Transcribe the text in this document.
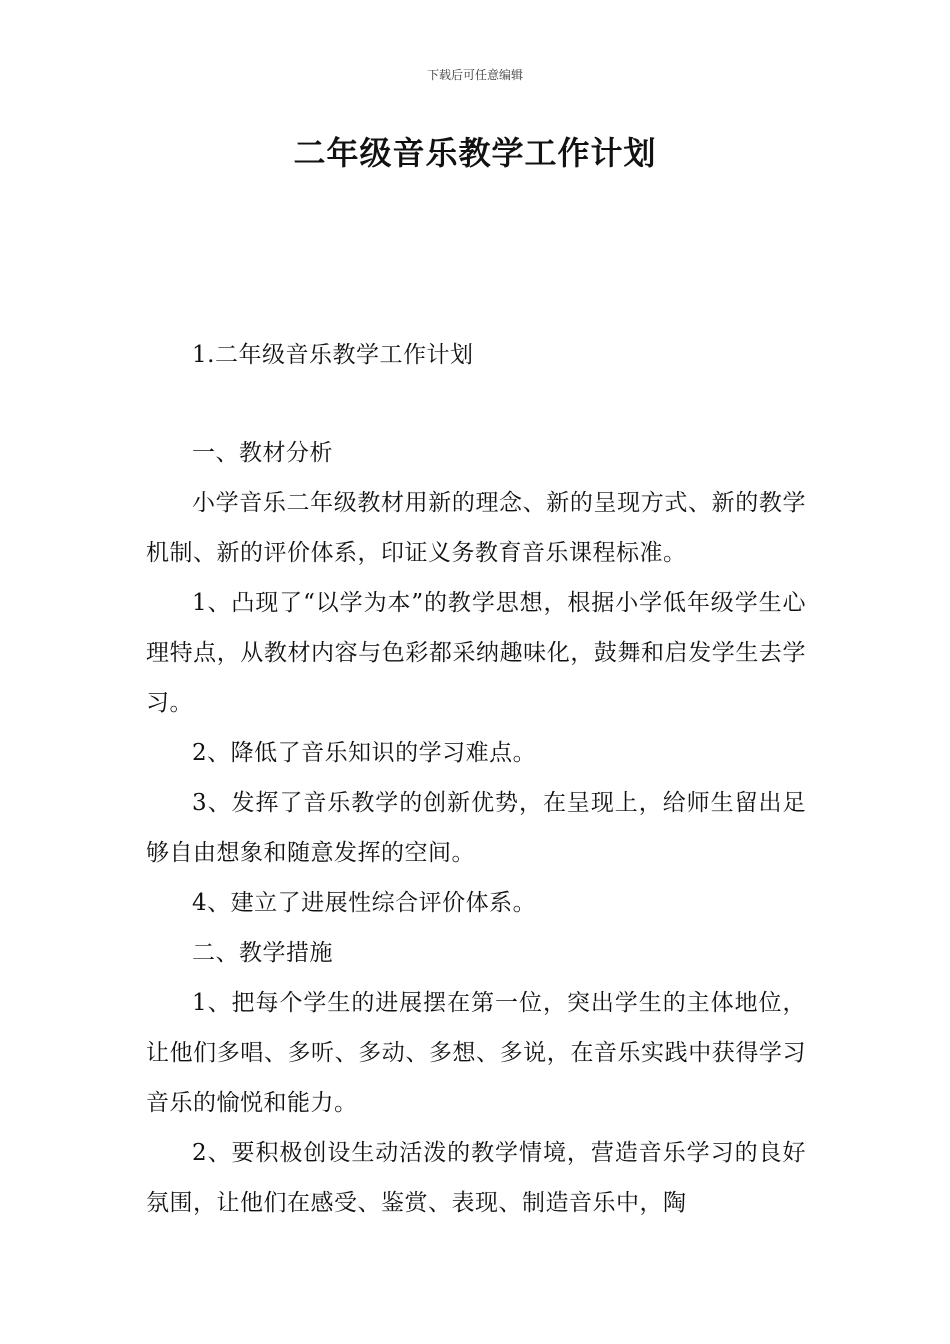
下载后可任意编辑
二年级音乐教学工作计划

1.二年级音乐教学工作计划

一、教材分析

小学音乐二年级教材用新的理念、新的呈现方式、新的教学机制、新的评价体系，印证义务教育音乐课程标准。

1、凸现了“以学为本”的教学思想，根据小学低年级学生心理特点，从教材内容与色彩都采纳趣味化，鼓舞和启发学生去学习。

2、降低了音乐知识的学习难点。

3、发挥了音乐教学的创新优势，在呈现上，给师生留出足够自由想象和随意发挥的空间。

4、建立了进展性综合评价体系。

二、教学措施

1、把每个学生的进展摆在第一位，突出学生的主体地位，让他们多唱、多听、多动、多想、多说，在音乐实践中获得学习音乐的愉悦和能力。

2、要积极创设生动活泼的教学情境，营造音乐学习的良好氛围，让他们在感受、鉴赏、表现、制造音乐中，陶
